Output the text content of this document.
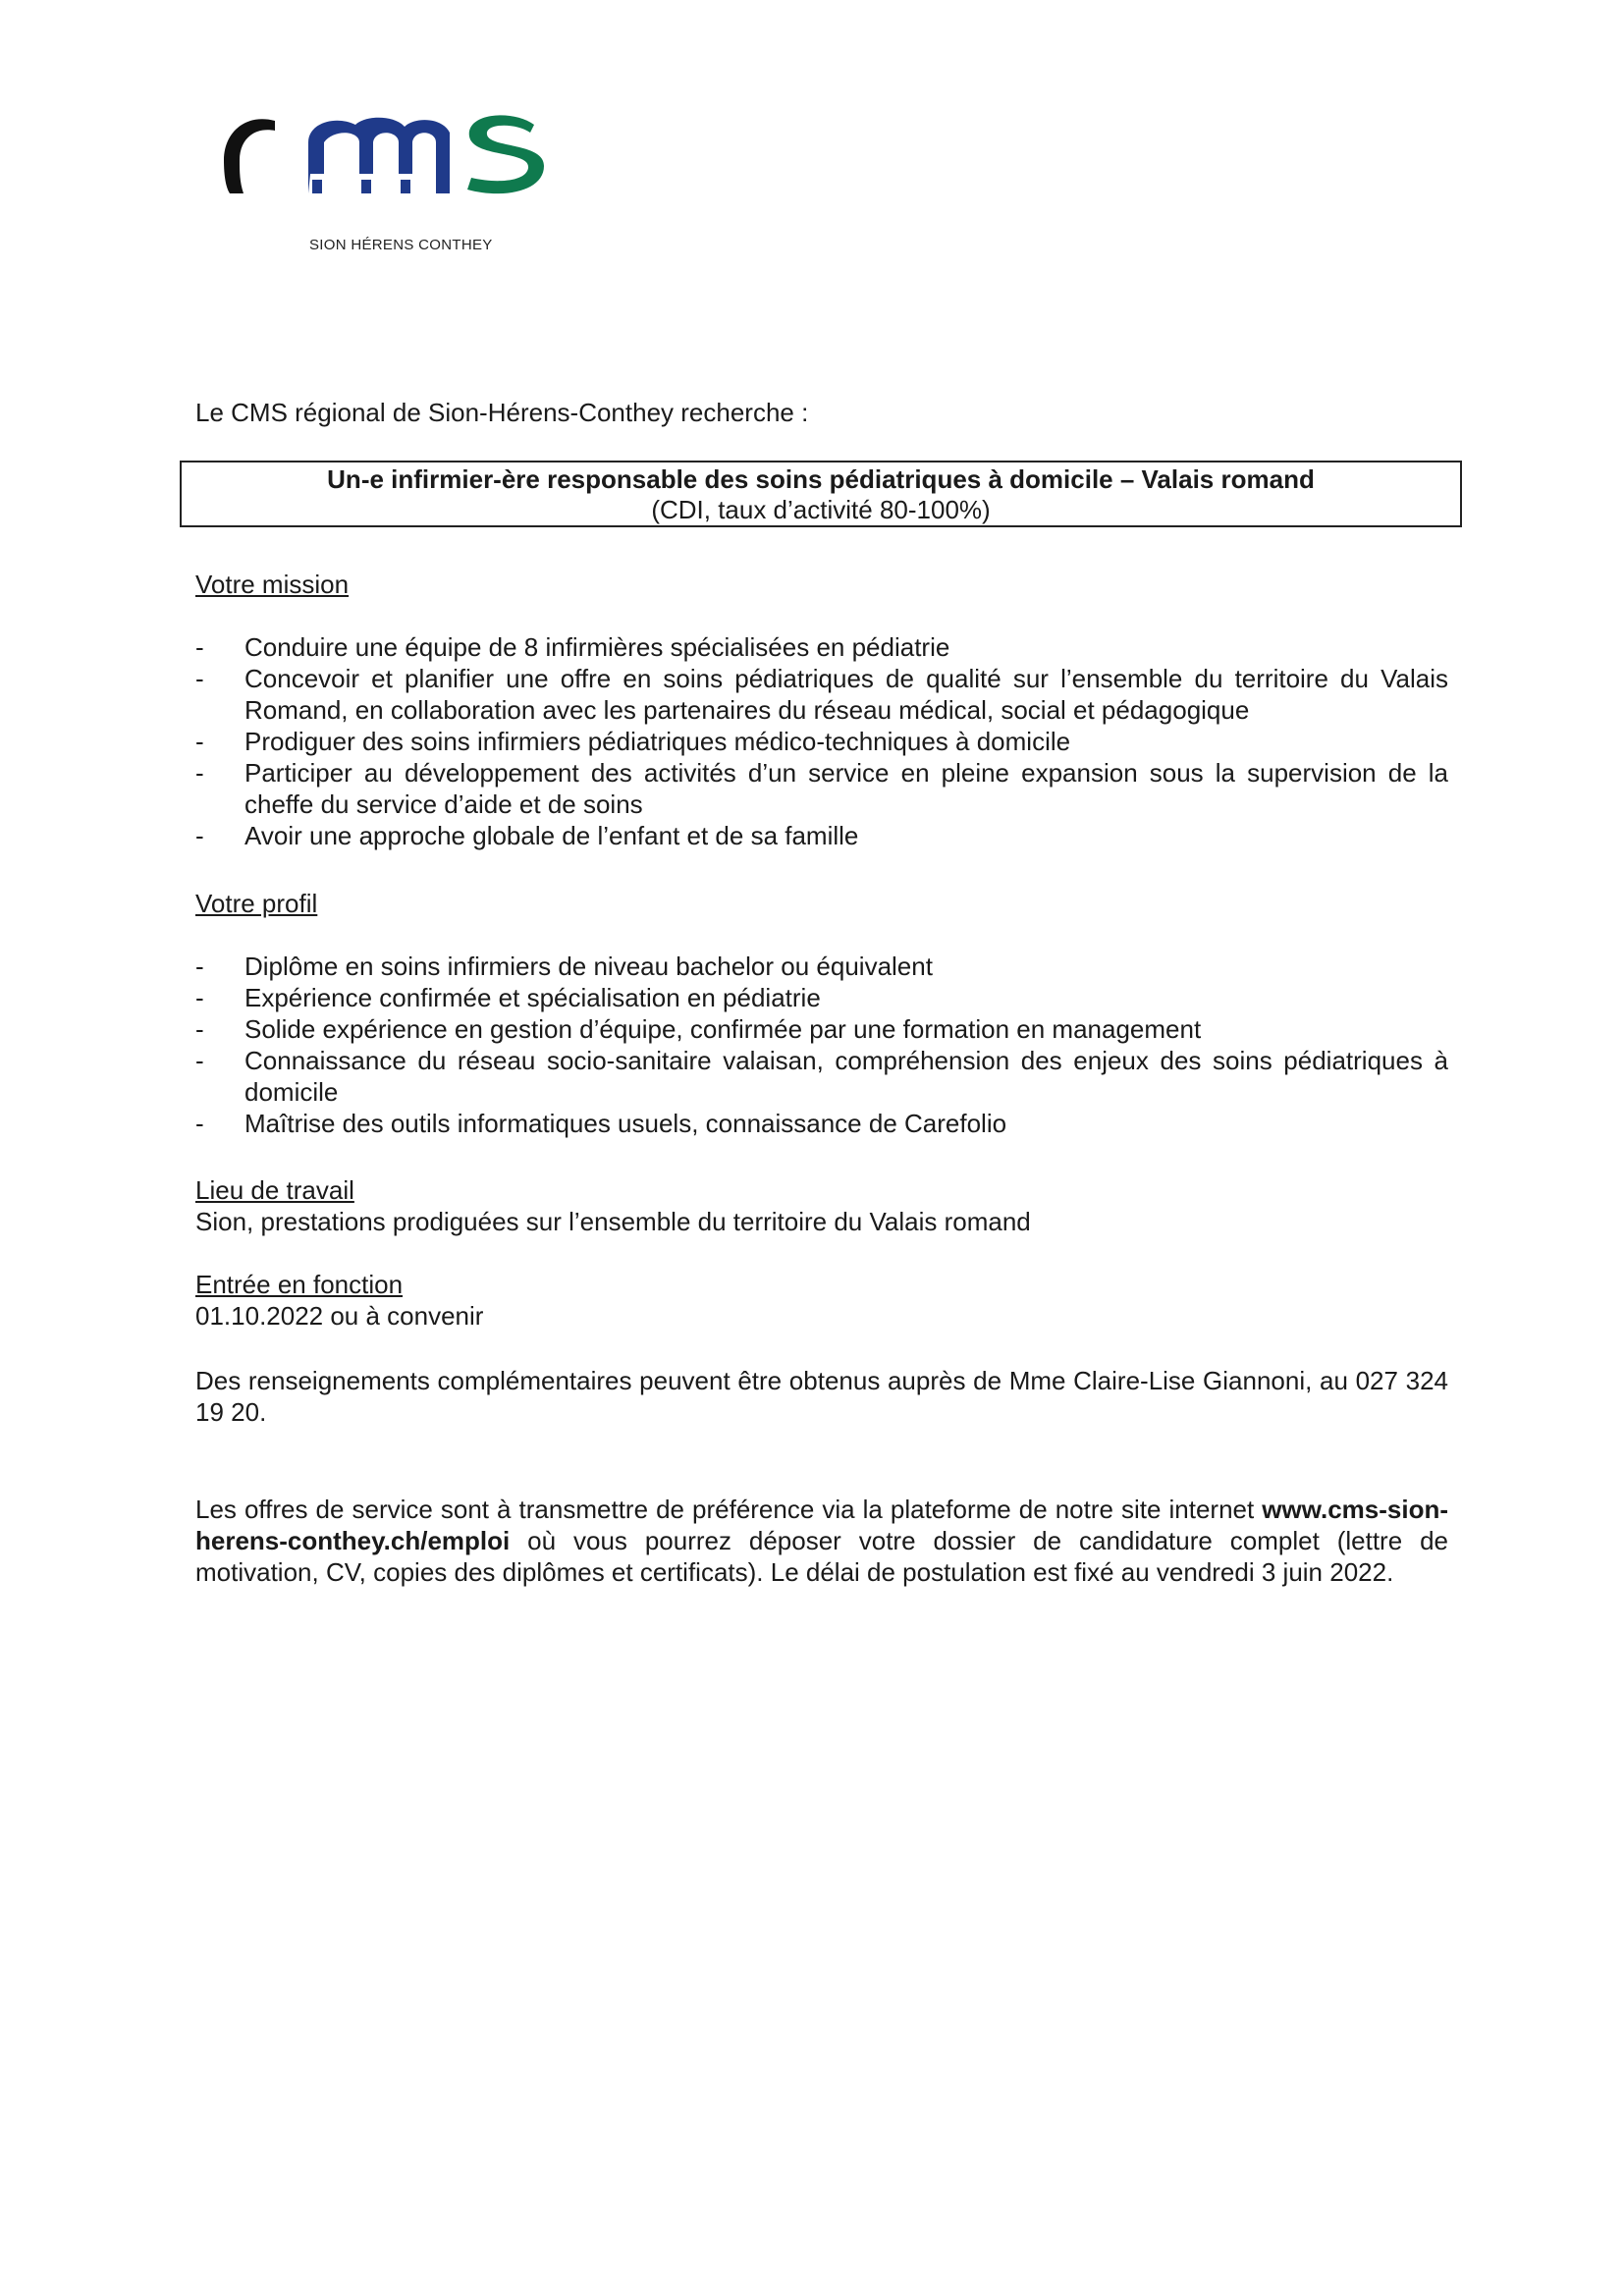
SION HÉRENS CONTHEY
Le CMS régional de Sion-Hérens-Conthey recherche :
Un-e infirmier-ère responsable des soins pédiatriques à domicile – Valais romand
(CDI, taux d’activité 80-100%)
Votre mission
- Conduire une équipe de 8 infirmières spécialisées en pédiatrie
- Concevoir et planifier une offre en soins pédiatriques de qualité sur l’ensemble du territoire du Valais Romand, en collaboration avec les partenaires du réseau médical, social et pédagogique
- Prodiguer des soins infirmiers pédiatriques médico-techniques à domicile
- Participer au développement des activités d’un service en pleine expansion sous la supervision de la cheffe du service d’aide et de soins
- Avoir une approche globale de l’enfant et de sa famille
Votre profil
- Diplôme en soins infirmiers de niveau bachelor ou équivalent
- Expérience confirmée et spécialisation en pédiatrie
- Solide expérience en gestion d’équipe, confirmée par une formation en management
- Connaissance du réseau socio-sanitaire valaisan, compréhension des enjeux des soins pédiatriques à domicile
- Maîtrise des outils informatiques usuels, connaissance de Carefolio
Lieu de travail
Sion, prestations prodiguées sur l’ensemble du territoire du Valais romand
Entrée en fonction
01.10.2022 ou à convenir
Des renseignements complémentaires peuvent être obtenus auprès de Mme Claire-Lise Giannoni, au 027 324 19 20.
Les offres de service sont à transmettre de préférence via la plateforme de notre site internet www.cms-sion-herens-conthey.ch/emploi où vous pourrez déposer votre dossier de candidature complet (lettre de motivation, CV, copies des diplômes et certificats). Le délai de postulation est fixé au vendredi 3 juin 2022.
